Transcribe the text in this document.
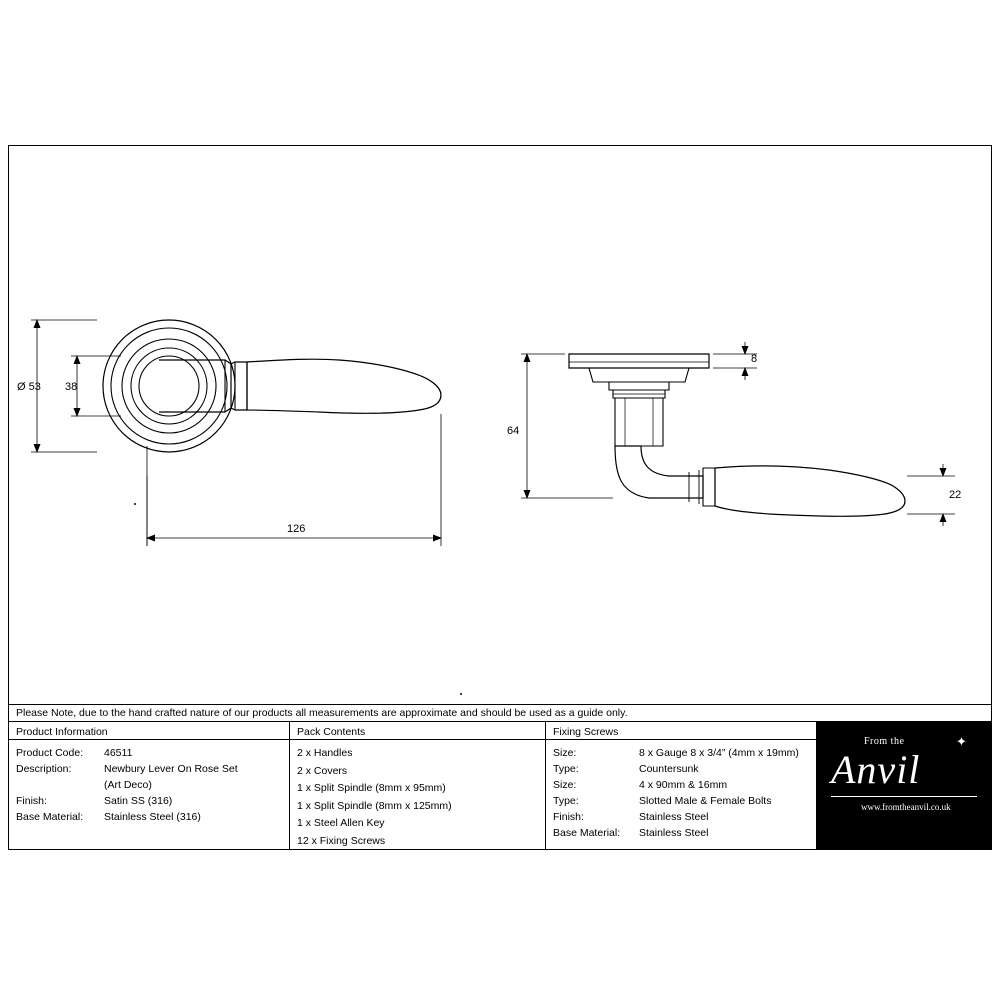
Ø 53 38
126
8
64
22
Please Note, due to the hand crafted nature of our products all measurements are approximate and should be used as a guide only.
Product Information
Product Code:	46511
Description:	Newbury Lever On Rose Set
(Art Deco)
Finish:	Satin SS (316)
Base Material:	Stainless Steel (316)
Pack Contents
2 x Handles
2 x Covers
1 x Split Spindle (8mm x 95mm)
1 x Split Spindle (8mm x 125mm)
1 x Steel Allen Key
12 x Fixing Screws
Fixing Screws
Size:	8 x Gauge 8 x 3/4” (4mm x 19mm)
Type:	Countersunk
Size:	4 x 90mm & 16mm
Type:	Slotted Male & Female Bolts
Finish:	Stainless Steel
Base Material:	Stainless Steel
✦
From the
Anvil
www.fromtheanvil.co.uk
